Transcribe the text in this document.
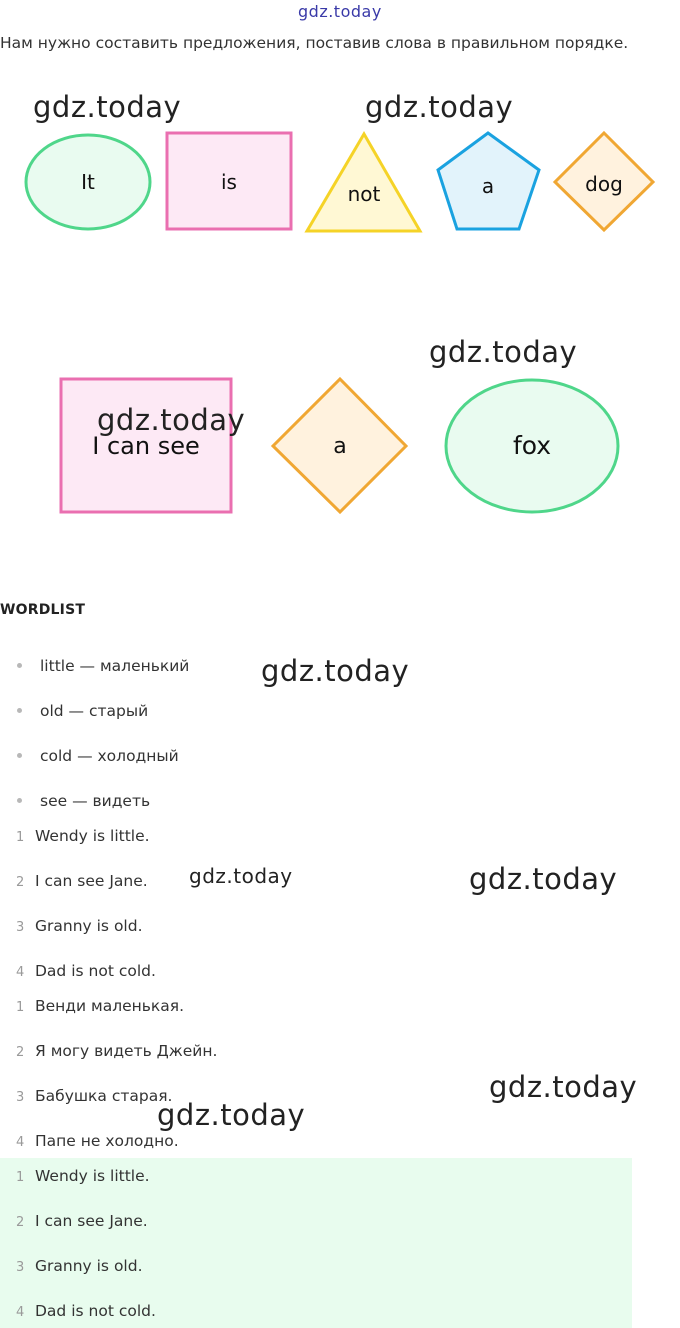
gdz.today
Нам нужно составить предложения, поставив слова в правильном порядке.
It	is	not	a	dog
gdz.today	gdz.today
I can see	a	fox
gdz.today
gdz.today
WORDLIST
little — маленький
old — старый
cold — холодный
see — видеть
gdz.today
1 Wendy is little.
2 I can see Jane.
3 Granny is old.
4 Dad is not cold.
gdz.today	gdz.today
1 Венди маленькая.
2 Я могу видеть Джейн.
3 Бабушка старая.
4 Папе не холодно.
gdz.today
gdz.today
1 Wendy is little.
2 I can see Jane.
3 Granny is old.
4 Dad is not cold.
